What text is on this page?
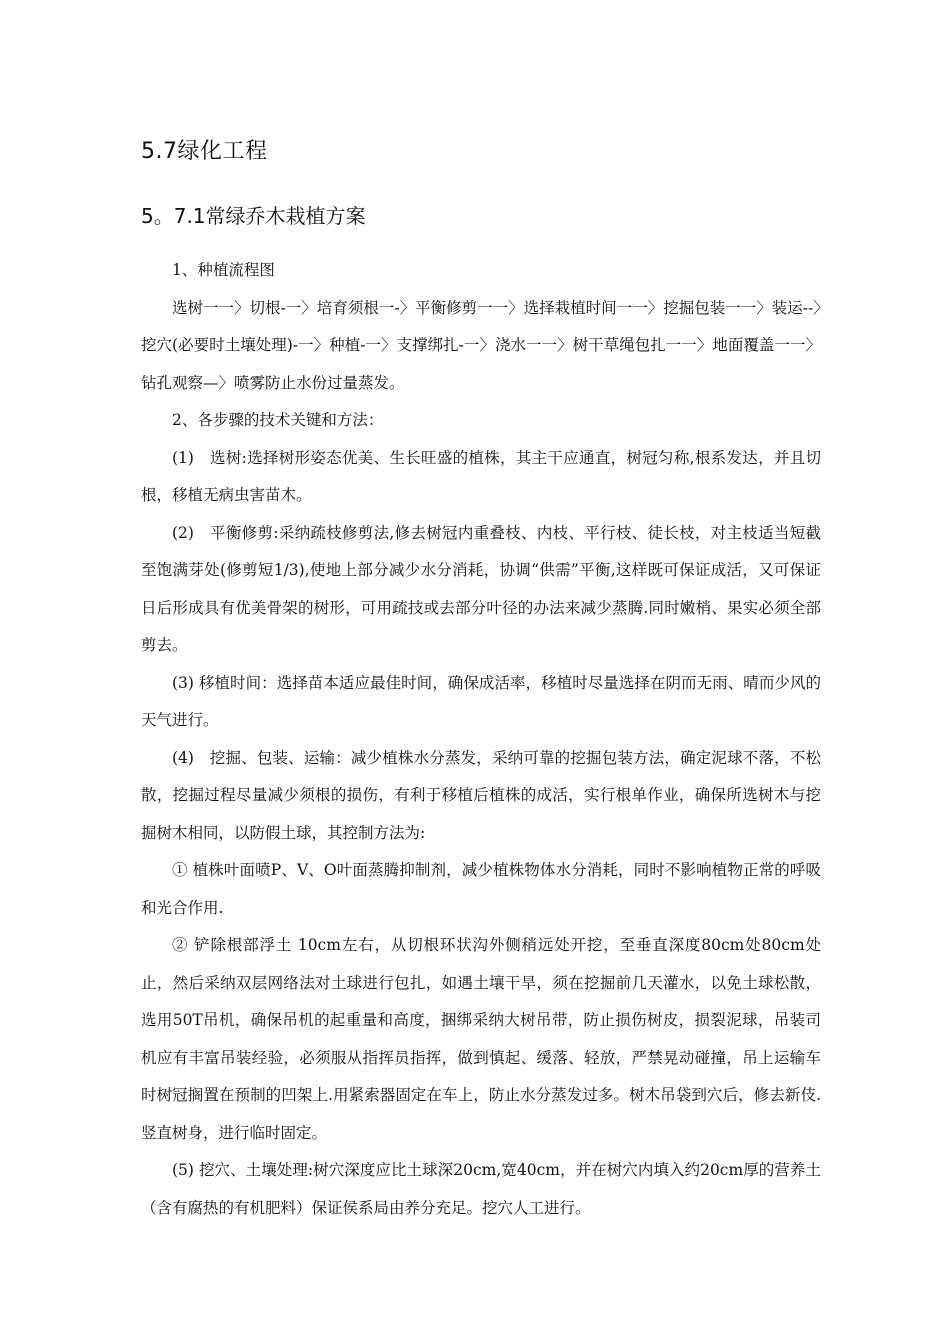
5.7绿化工程
5。7.1常绿乔木栽植方案

1、种植流程图

选树一一〉切根-一〉培育须根一-〉平衡修剪一一〉选择栽植时间一一〉挖掘包装一一〉装运--〉挖穴(必要时土壤处理)-一〉种植-一〉支撑绑扎-一〉浇水一一〉树干草绳包扎一一〉地面覆盖一一〉钻孔观察—〉喷雾防止水份过量蒸发。

2、各步骤的技术关键和方法：

(1)　选树:选择树形姿态优美、生长旺盛的植株，其主干应通直，树冠匀称,根系发达，并且切根，移植无病虫害苗木。

(2)　平衡修剪:采纳疏枝修剪法,修去树冠内重叠枝、内枝、平行枝、徒长枝，对主枝适当短截至饱满芽处(修剪短1/3),使地上部分减少水分消耗，协调“供需”平衡,这样既可保证成活，又可保证日后形成具有优美骨架的树形，可用疏技或去部分叶径的办法来减少蒸腾.同时嫩梢、果实必须全部剪去。

(3) 移植时间：选择苗本适应最佳时间，确保成活率，移植时尽量选择在阴而无雨、晴而少风的天气进行。

(4)　挖掘、包装、运输：减少植株水分蒸发，采纳可靠的挖掘包装方法，确定泥球不落，不松散，挖掘过程尽量减少须根的损伤，有利于移植后植株的成活，实行根单作业，确保所选树木与挖掘树木相同，以防假土球，其控制方法为:

① 植株叶面喷P、V、O叶面蒸腾抑制剂，减少植株物体水分消耗，同时不影响植物正常的呼吸和光合作用.

② 铲除根部浮土 10cm左右，从切根环状沟外侧稍远处开挖，至垂直深度80cm处80cm处止，然后采纳双层网络法对土球进行包扎，如遇土壤干旱，须在挖掘前几天灌水，以免土球松散，选用50T吊机，确保吊机的起重量和高度，捆绑采纳大树吊带，防止损伤树皮，损裂泥球，吊装司机应有丰富吊装经验，必须服从指挥员指挥，做到慎起、缓落、轻放，严禁晃动碰撞，吊上运输车时树冠搁置在预制的凹架上.用紧索器固定在车上，防止水分蒸发过多。树木吊袋到穴后，修去新伎.竖直树身，进行临时固定。

(5) 挖穴、土壤处理:树穴深度应比土球深20cm,宽40cm，并在树穴内填入约20cm厚的营养土（含有腐热的有机肥料）保证侯系局由养分充足。挖穴人工进行。
